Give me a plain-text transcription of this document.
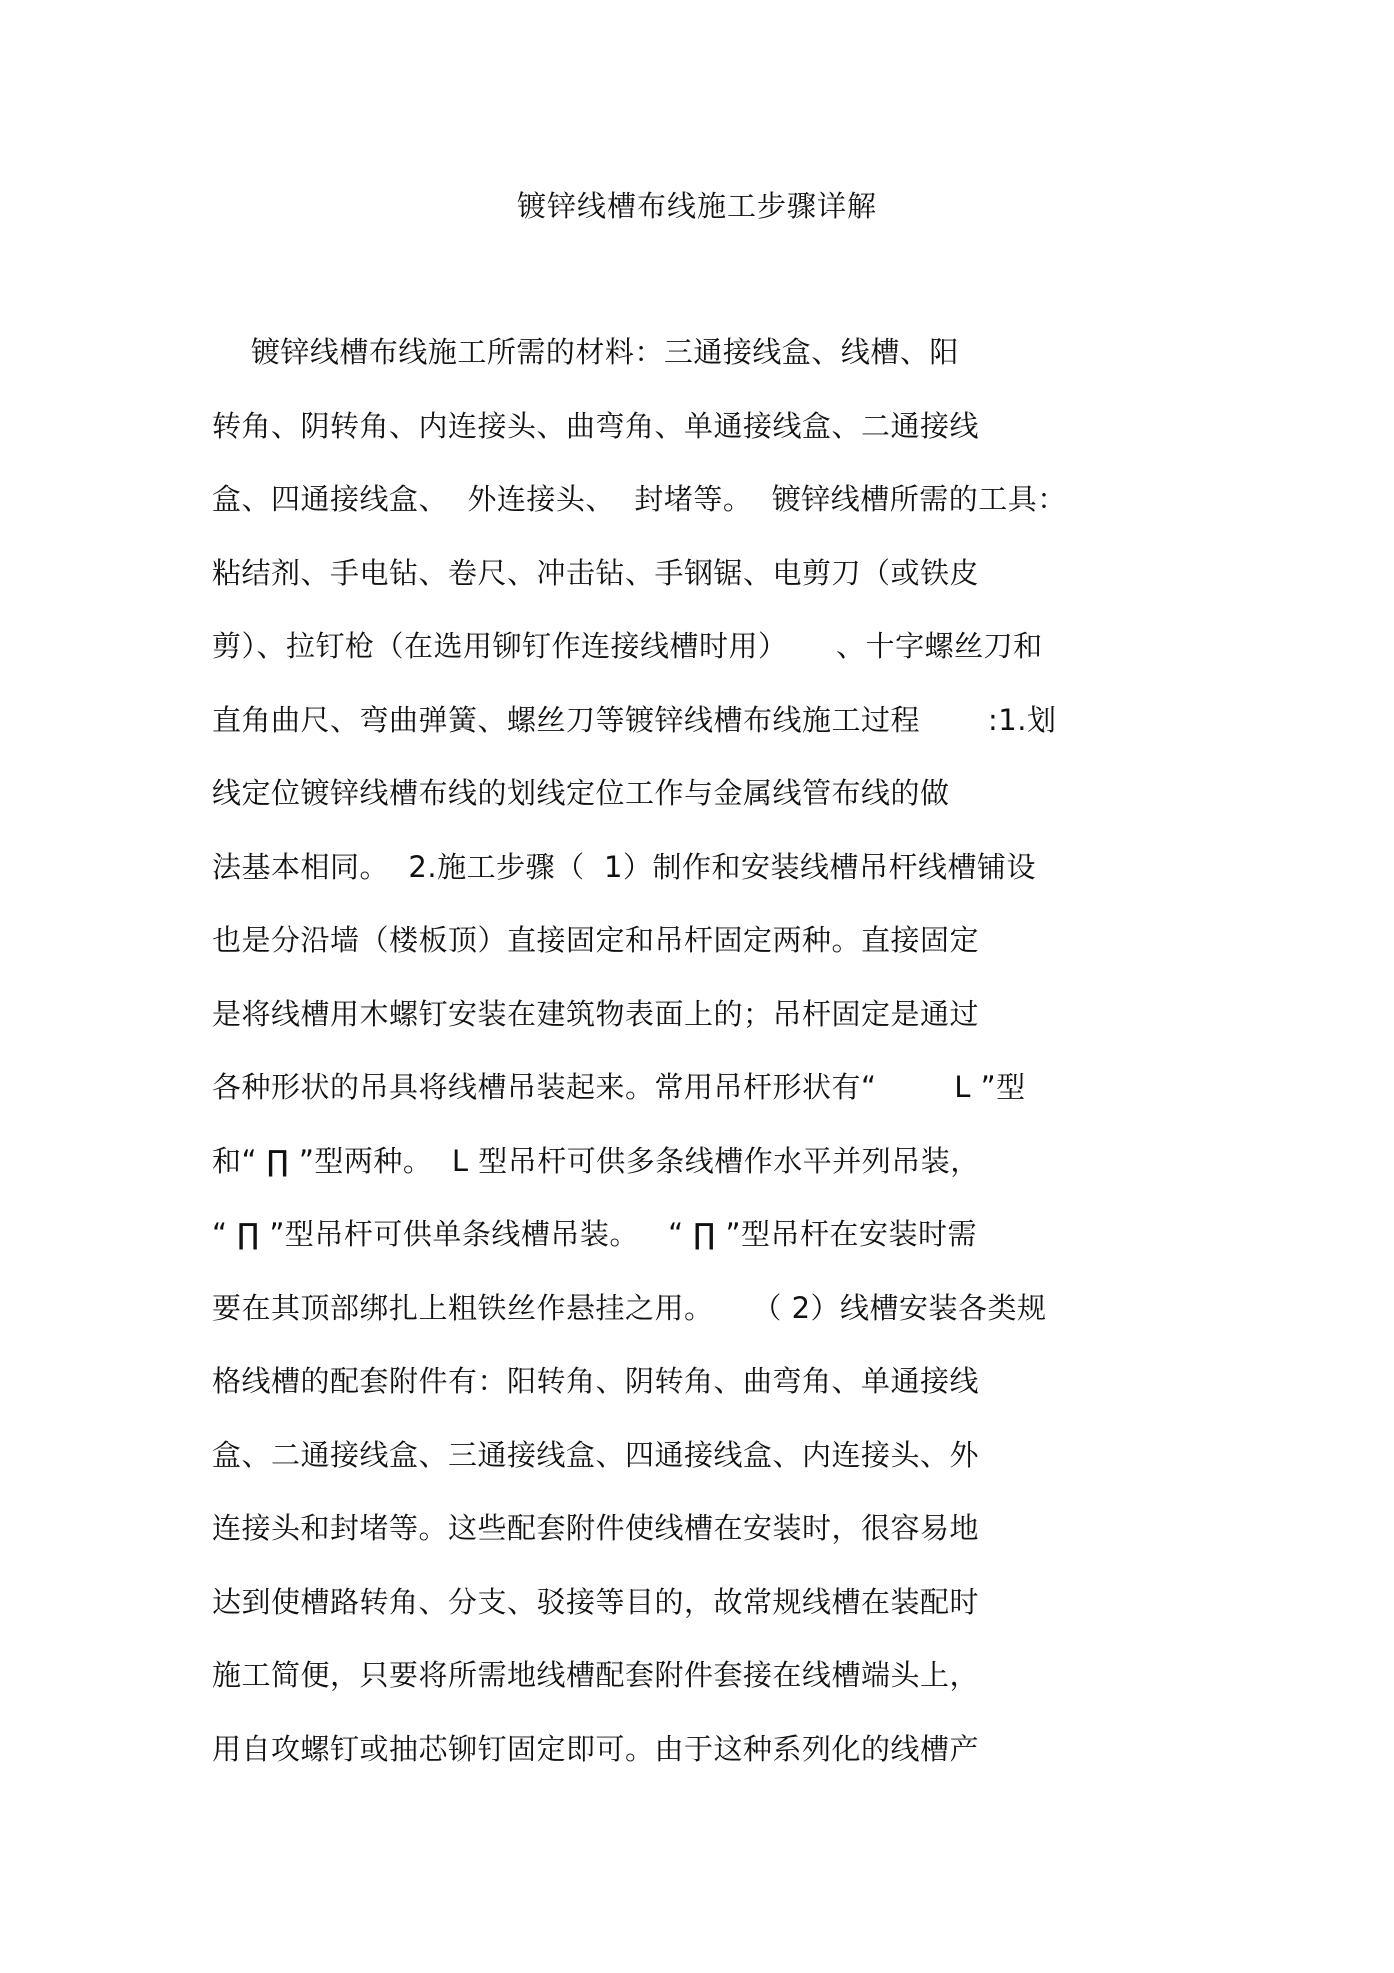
镀锌线槽布线施工步骤详解
镀锌线槽布线施工所需的材料：三通接线盒、线槽、阳
转角、阴转角、内连接头、曲弯角、单通接线盒、二通接线
盒、四通接线盒、  外连接头、  封堵等。  镀锌线槽所需的工具：
粘结剂、手电钻、卷尺、冲击钻、手钢锯、电剪刀（或铁皮
剪）、拉钉枪（在选用铆钉作连接线槽时用）     、十字螺丝刀和
直角曲尺、弯曲弹簧、螺丝刀等镀锌线槽布线施工过程       :1.划
线定位镀锌线槽布线的划线定位工作与金属线管布线的做
法基本相同。  2.施工步骤（  1）制作和安装线槽吊杆线槽铺设
也是分沿墙（楼板顶）直接固定和吊杆固定两种。直接固定
是将线槽用木螺钉安装在建筑物表面上的；吊杆固定是通过
各种形状的吊具将线槽吊装起来。常用吊杆形状有“        L ”型
和“ ∏ ”型两种。  L 型吊杆可供多条线槽作水平并列吊装，
“ ∏ ”型吊杆可供单条线槽吊装。   “ ∏ ”型吊杆在安装时需
要在其顶部绑扎上粗铁丝作悬挂之用。    （ 2）线槽安装各类规
格线槽的配套附件有：阳转角、阴转角、曲弯角、单通接线
盒、二通接线盒、三通接线盒、四通接线盒、内连接头、外
连接头和封堵等。这些配套附件使线槽在安装时，很容易地
达到使槽路转角、分支、驳接等目的，故常规线槽在装配时
施工简便，只要将所需地线槽配套附件套接在线槽端头上，
用自攻螺钉或抽芯铆钉固定即可。由于这种系列化的线槽产
